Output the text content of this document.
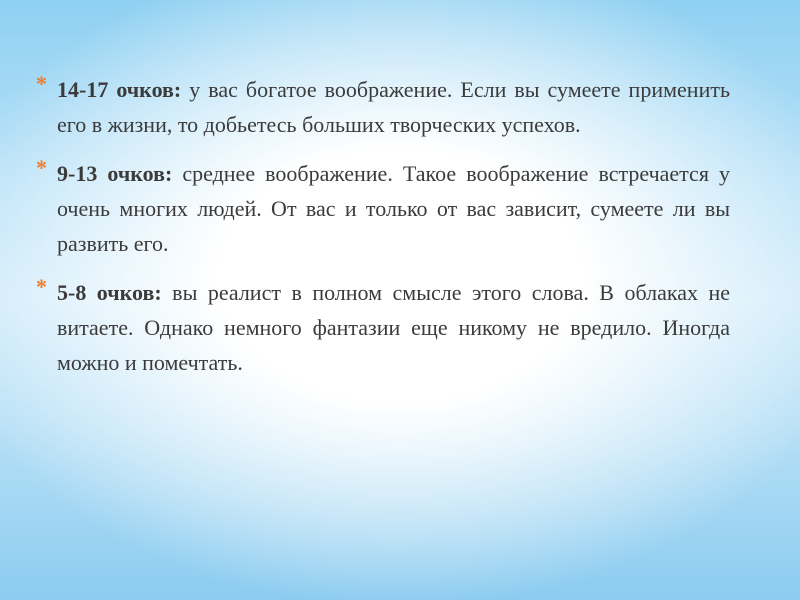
* 14-17 очков: у вас богатое воображение. Если вы сумеете применить его в жизни, то добьетесь больших творческих успехов.

* 9-13 очков: среднее воображение. Такое воображение встречается у очень многих людей. От вас и только от вас зависит, сумеете ли вы развить его.

* 5-8 очков: вы реалист в полном смысле этого слова. В облаках не витаете. Однако немного фантазии еще никому не вредило. Иногда можно и помечтать.
